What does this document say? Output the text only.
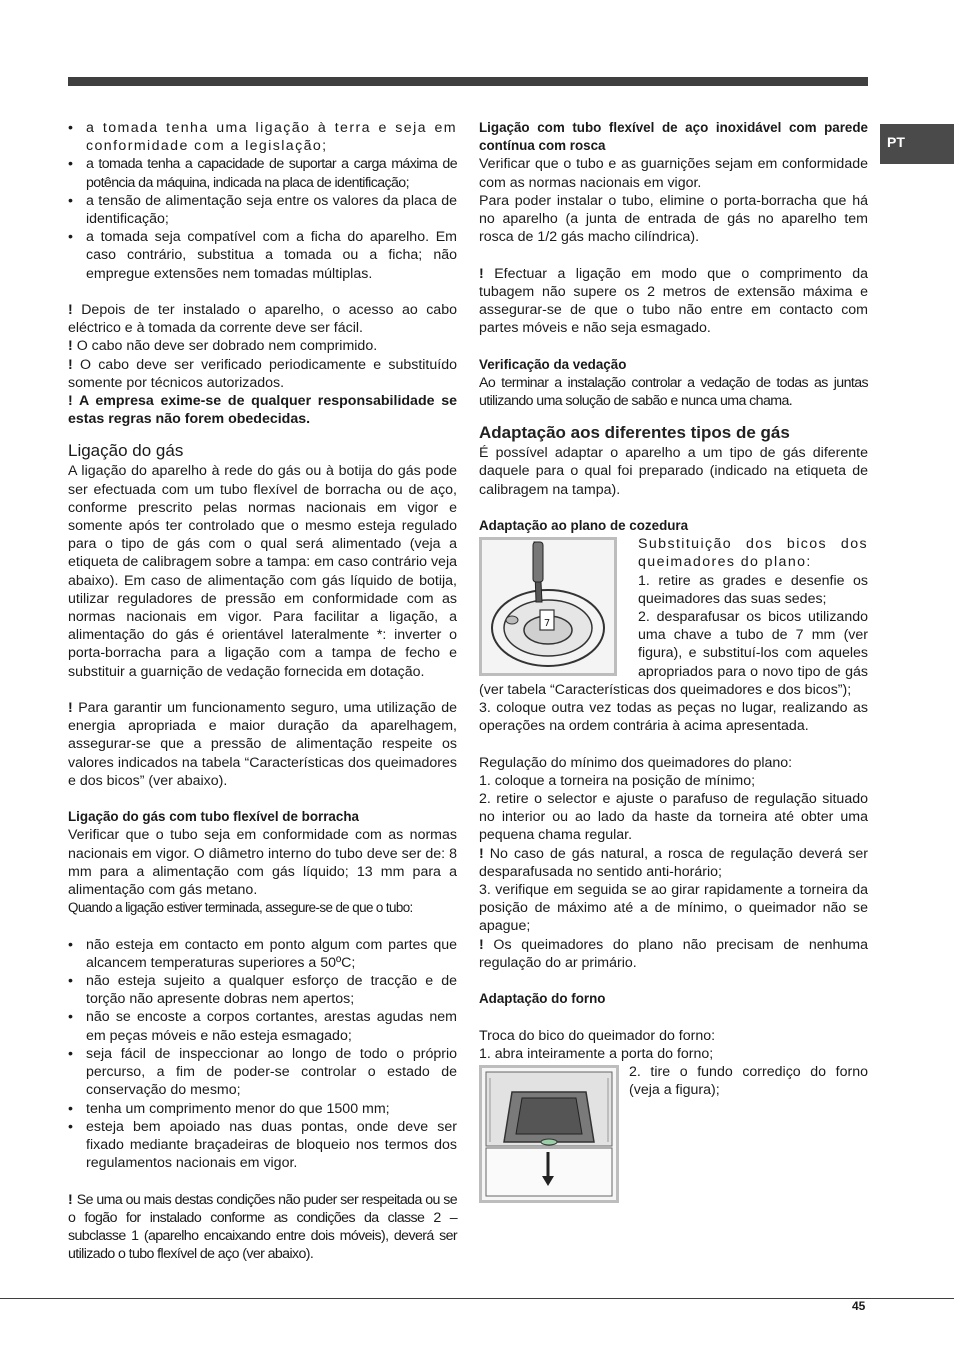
PT
• a tomada tenha uma ligação à terra e seja em conformidade com a legislação;
• a tomada tenha a capacidade de suportar a carga máxima de potência da máquina, indicada na placa de identificação;
• a tensão de alimentação seja entre os valores da placa de identificação;
• a tomada seja compatível com a ficha do aparelho. Em caso contrário, substitua a tomada ou a ficha; não empregue extensões nem tomadas múltiplas.

! Depois de ter instalado o aparelho, o acesso ao cabo eléctrico e à tomada da corrente deve ser fácil.

! O cabo não deve ser dobrado nem comprimido.

! O cabo deve ser verificado periodicamente e substituído somente por técnicos autorizados.

! A empresa exime-se de qualquer responsabilidade se estas regras não forem obedecidas.

Ligação do gás

A ligação do aparelho à rede do gás ou à botija do gás pode ser efectuada com um tubo flexível de borracha ou de aço, conforme prescrito pelas normas nacionais em vigor e somente após ter controlado que o mesmo esteja regulado para o tipo de gás com o qual será alimentado (veja a etiqueta de calibragem sobre a tampa: em caso contrário veja abaixo). Em caso de alimentação com gás líquido de botija, utilizar reguladores de pressão em conformidade com as normas nacionais em vigor. Para facilitar a ligação, a alimentação do gás é orientável lateralmente *: inverter o porta-borracha para a ligação com a tampa de fecho e substituir a guarnição de vedação fornecida em dotação.

! Para garantir um funcionamento seguro, uma utilização de energia apropriada e maior duração da aparelhagem, assegurar-se que a pressão de alimentação respeite os valores indicados na tabela “Características dos queimadores e dos bicos” (ver abaixo).

Ligação do gás com tubo flexível de borracha

Verificar que o tubo seja em conformidade com as normas nacionais em vigor. O diâmetro interno do tubo deve ser de: 8 mm para a alimentação com gás líquido; 13 mm para a alimentação com gás metano.

Quando a ligação estiver terminada, assegure-se de que o tubo:

• não esteja em contacto em ponto algum com partes que alcancem temperaturas superiores a 50ºC;
• não esteja sujeito a qualquer esforço de tracção e de torção não apresente dobras nem apertos;
• não se encoste a corpos cortantes, arestas agudas nem em peças móveis e não esteja esmagado;
• seja fácil de inspeccionar ao longo de todo o próprio percurso, a fim de poder-se controlar o estado de conservação do mesmo;
• tenha um comprimento menor do que 1500 mm;
• esteja bem apoiado nas duas pontas, onde deve ser fixado mediante braçadeiras de bloqueio nos termos dos regulamentos nacionais em vigor.

! Se uma ou mais destas condições não puder ser respeitada ou se o fogão for instalado conforme as condições da classe 2 – subclasse 1 (aparelho encaixando entre dois móveis), deverá ser utilizado o tubo flexível de aço (ver abaixo).

Ligação com tubo flexível de aço inoxidável com parede contínua com rosca

Verificar que o tubo e as guarnições sejam em conformidade com as normas nacionais em vigor.

Para poder instalar o tubo, elimine o porta-borracha que há no aparelho (a junta de entrada de gás no aparelho tem rosca de 1/2 gás macho cilíndrica).

! Efectuar a ligação em modo que o comprimento da tubagem não supere os 2 metros de extensão máxima e assegurar-se de que o tubo não entre em contacto com partes móveis e não seja esmagado.

Verificação da vedação

Ao terminar a instalação controlar a vedação de todas as juntas utilizando uma solução de sabão e nunca uma chama.

Adaptação aos diferentes tipos de gás

É possível adaptar o aparelho a um tipo de gás diferente daquele para o qual foi preparado (indicado na etiqueta de calibragem na tampa).

Adaptação ao plano de cozedura

7

Substituição dos bicos dos queimadores do plano:

1. retire as grades e desenfie os queimadores das suas sedes;

2. desparafusar os bicos utilizando uma chave a tubo de 7 mm (ver figura), e substituí-los com aqueles apropriados para o novo tipo de gás (ver tabela “Características dos queimadores e dos bicos”);

3. coloque outra vez todas as peças no lugar, realizando as operações na ordem contrária à acima apresentada.

Regulação do mínimo dos queimadores do plano:

1. coloque a torneira na posição de mínimo;

2. retire o selector e ajuste o parafuso de regulação situado no interior ou ao lado da haste da torneira até obter uma pequena chama regular.

! No caso de gás natural, a rosca de regulação deverá ser desparafusada no sentido anti-horário;

3. verifique em seguida se ao girar rapidamente a torneira da posição de máximo até a de mínimo, o queimador não se apague;

! Os queimadores do plano não precisam de nenhuma regulação do ar primário.

Adaptação do forno

Troca do bico do queimador do forno:

1. abra inteiramente a porta do forno;

2. tire o fundo corrediço do forno (veja a figura);

45
